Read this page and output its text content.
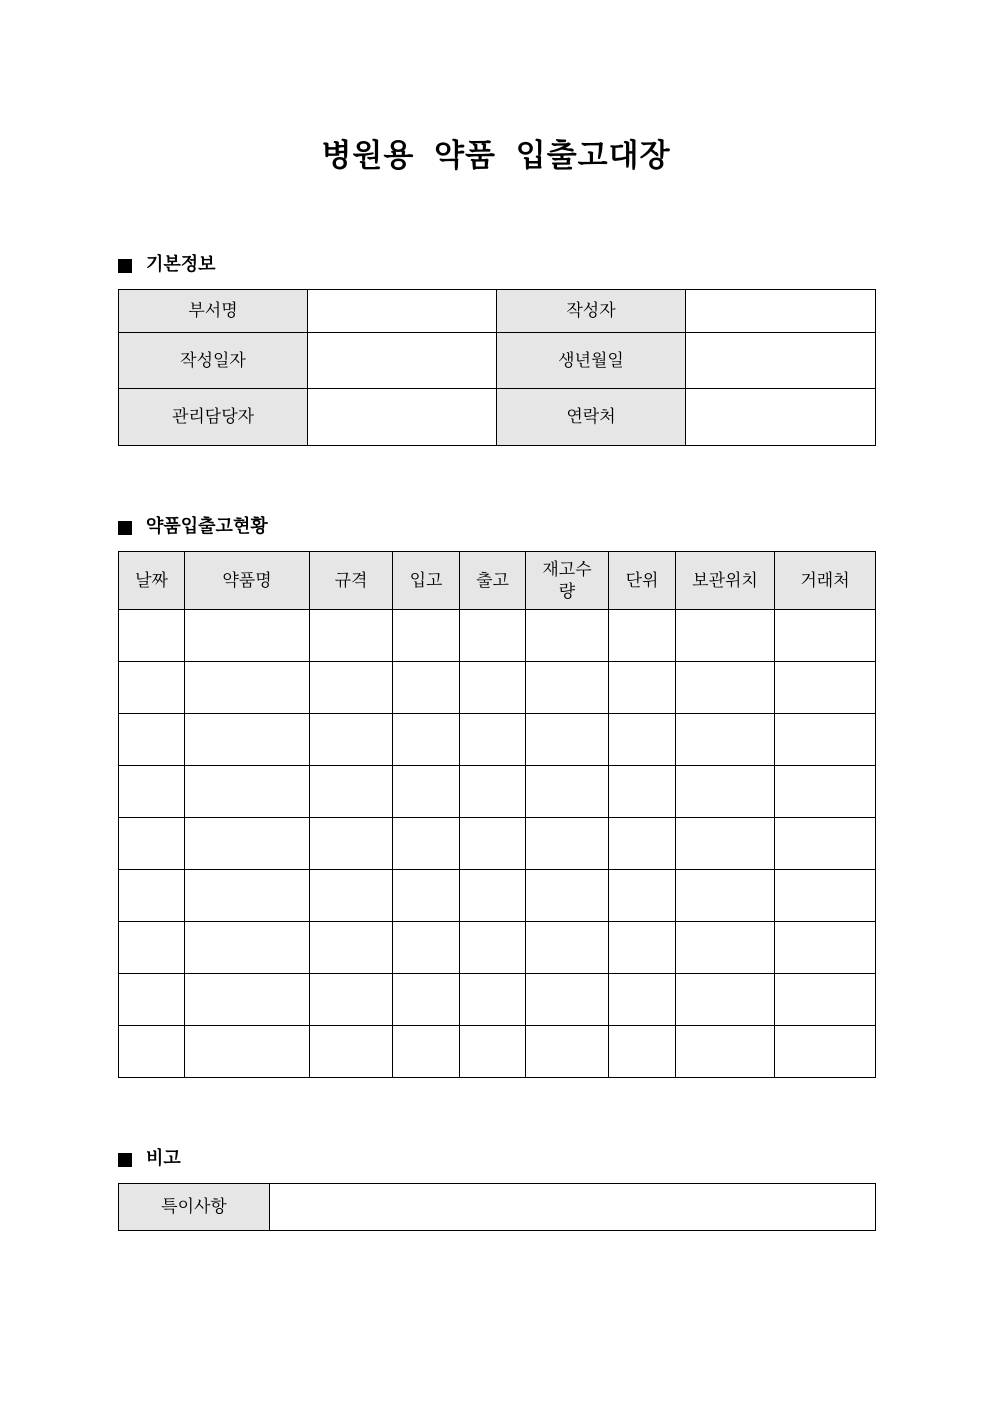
병원용 약품 입출고대장
기본정보
부서명		작성자	
작성일자		생년월일	
관리담당자		연락처	
약품입출고현황
날짜	약품명	규격	입고	출고	재고수량	단위	보관위치	거래처

비고
특이사항	
